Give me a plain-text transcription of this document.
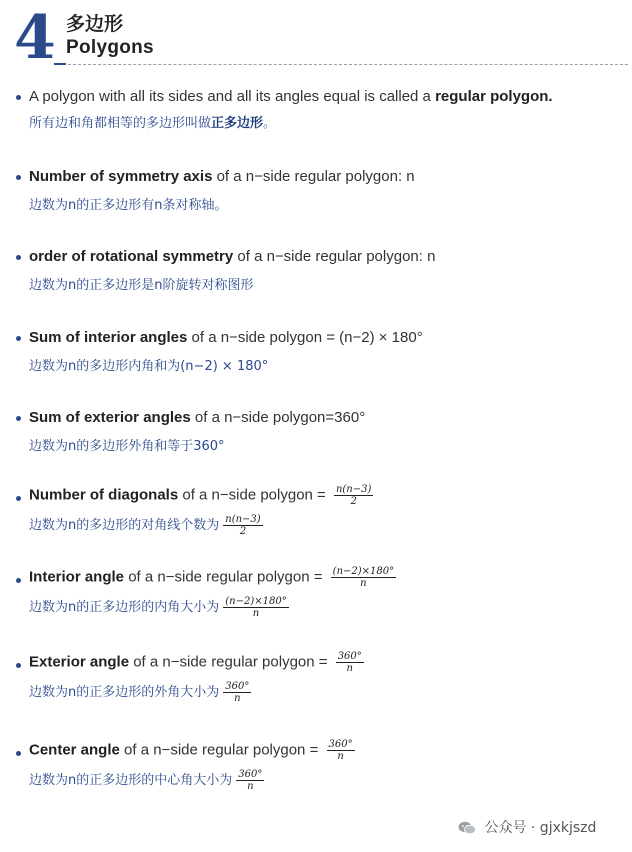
4 多边形
Polygons
A polygon with all its sides and all its angles equal is called a regular polygon.
所有边和角都相等的多边形叫做正多边形。
Number of symmetry axis of a n−side regular polygon: n
边数为n的正多边形有n条对称轴。
order of rotational symmetry of a n−side regular polygon: n
边数为n的正多边形是n阶旋转对称图形
Sum of interior angles of a n−side polygon = (n−2) × 180°
边数为n的多边形内角和为(n−2) × 180°
Sum of exterior angles of a n−side polygon=360°
边数为n的多边形外角和等于360°
Number of diagonals of a n−side polygon = $\frac{n(n-3)}{2}$
边数为n的多边形的对角线个数为 $\frac{n(n-3)}{2}$
Interior angle of a n−side regular polygon = $\frac{(n-2)\times 180^\circ}{n}$
边数为n的正多边形的内角大小为 $\frac{(n-2)\times 180^\circ}{n}$
Exterior angle of a n−side regular polygon = $\frac{360^\circ}{n}$
边数为n的正多边形的外角大小为 $\frac{360^\circ}{n}$
Center angle of a n−side regular polygon = $\frac{360^\circ}{n}$
边数为n的正多边形的中心角大小为 $\frac{360^\circ}{n}$
公众号 · gjxkjszd
